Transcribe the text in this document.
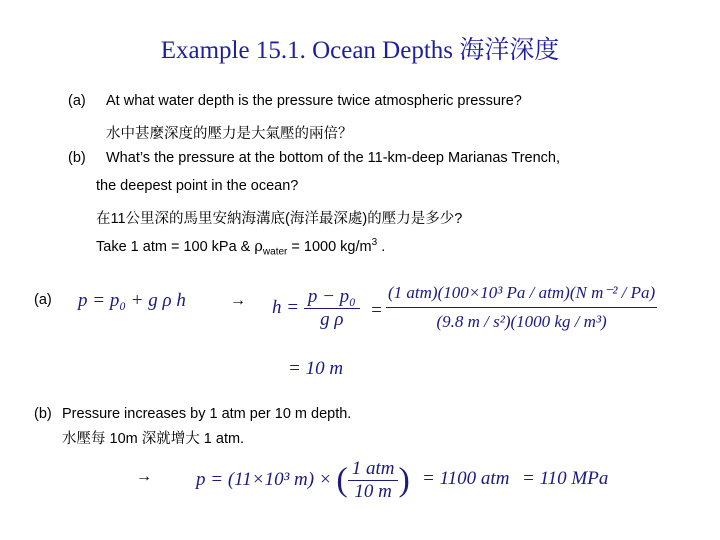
Example 15.1. Ocean Depths 海洋深度
(a) At what water depth is the pressure twice atmospheric pressure?
水中甚麼深度的壓力是大氣壓的兩倍？
(b) What’s the pressure at the bottom of the 11-km-deep Marianas Trench,
the deepest point in the ocean?
在11公里深的馬里安納海溝底(海洋最深處)的壓力是多少?
Take 1 atm = 100 kPa & $\rho_{water} = 1000$ $kg/m^3$ .
(a) p = p₀ + g ρ h	→ $h = \frac{\text{p − p₀}}{\text{g ρ}} = \frac{\text{(1 atm)(100×10³ Pa / atm)(N m⁻² / Pa)}}{\text{(9.8 m / s²)(1000 kg / m³)}}$
= 10 m
(b) Pressure increases by 1 atm per 10 m depth.
水壓每 10m 深就增大 1 atm.
→ p = (11×10³ m) × ( $\frac{\text{1 atm}}{10 m}$ ) = 1100 atm = 110 MPa
